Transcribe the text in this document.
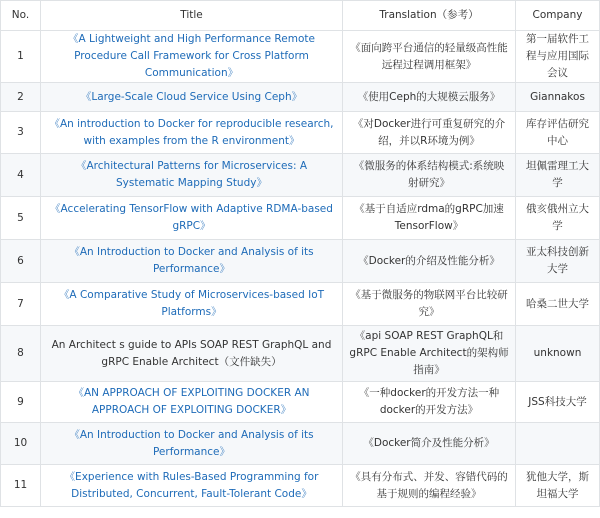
No.	Title	Translation（参考）	Company
1	《A Lightweight and High Performance Remote Procedure Call Framework for Cross Platform Communication》	《面向跨平台通信的轻量级高性能远程过程调用框架》	第一届软件工程与应用国际会议
2	《Large-Scale Cloud Service Using Ceph》	《使用Ceph的大规模云服务》	Giannakos
3	《An introduction to Docker for reproducible research, with examples from the R environment》	《对Docker进行可重复研究的介绍，并以R环境为例》	库存评估研究中心
4	《Architectural Patterns for Microservices: A Systematic Mapping Study》	《微服务的体系结构模式:系统映射研究》	坦佩雷理工大学
5	《Accelerating TensorFlow with Adaptive RDMA-based gRPC》	《基于自适应rdma的gRPC加速TensorFlow》	俄亥俄州立大学
6	《An Introduction to Docker and Analysis of its Performance》	《Docker的介绍及性能分析》	亚太科技创新大学
7	《A Comparative Study of Microservices-based IoT Platforms》	《基于微服务的物联网平台比较研究》	哈桑二世大学
8	An Architect s guide to APIs SOAP REST GraphQL and gRPC Enable Architect（文件缺失）	《api SOAP REST GraphQL和gRPC Enable Architect的架构师指南》	unknown
9	《AN APPROACH OF EXPLOITING DOCKER AN APPROACH OF EXPLOITING DOCKER》	《一种docker的开发方法一种docker的开发方法》	JSS科技大学
10	《An Introduction to Docker and Analysis of its Performance》	《Docker简介及性能分析》	
11	《Experience with Rules-Based Programming for Distributed, Concurrent, Fault-Tolerant Code》	《具有分布式、并发、容错代码的基于规则的编程经验》	犹他大学，斯坦福大学
